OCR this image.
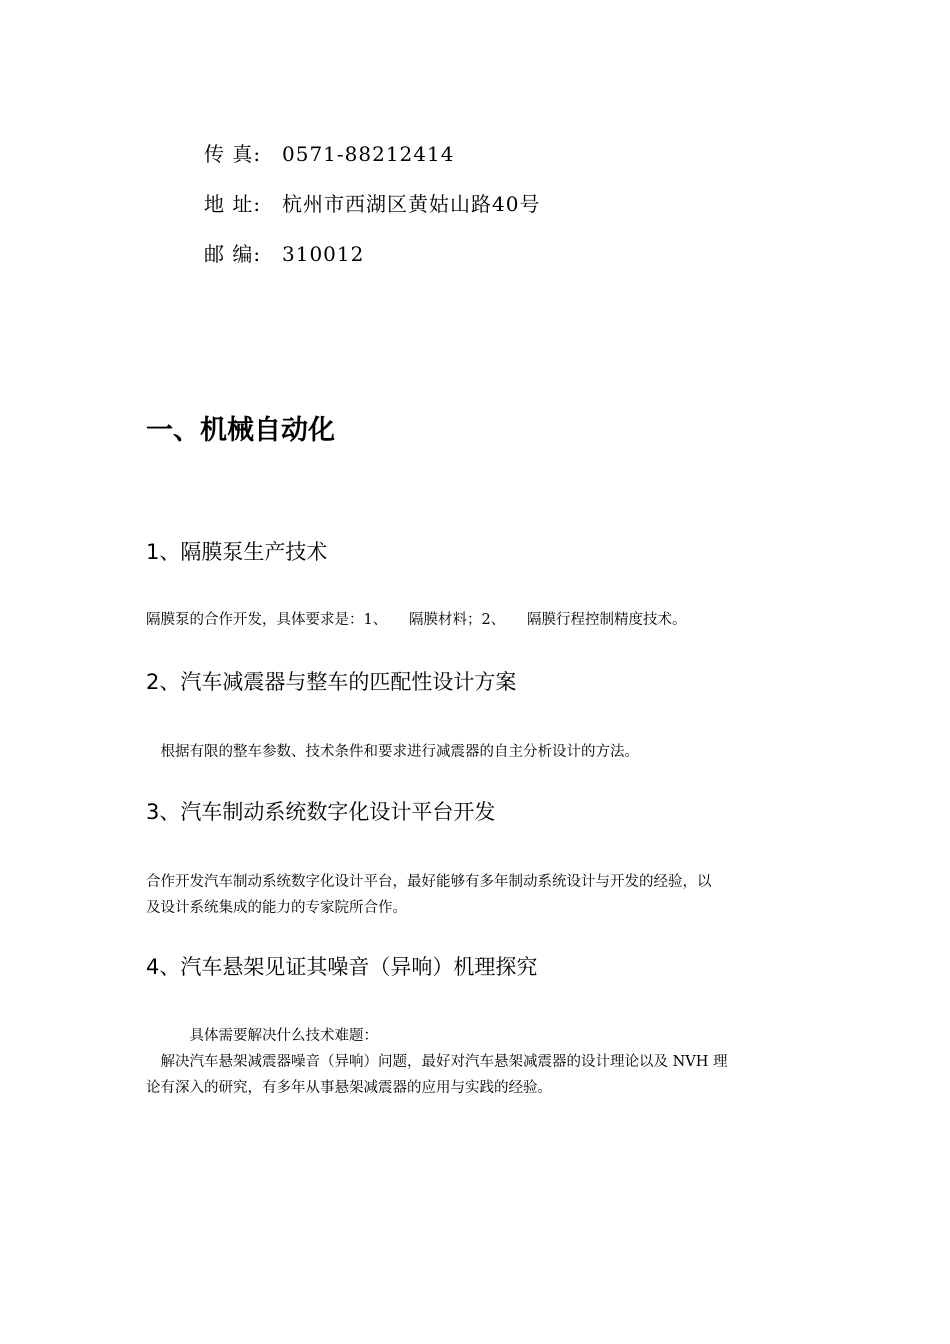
传 真: 0571-88212414
地 址: 杭州市西湖区黄姑山路40号
邮 编: 310012
一、机械自动化
1、隔膜泵生产技术
隔膜泵的合作开发，具体要求是：1、　　隔膜材料；2、　　隔膜行程控制精度技术。
2、汽车减震器与整车的匹配性设计方案
　根据有限的整车参数、技术条件和要求进行减震器的自主分析设计的方法。
3、汽车制动系统数字化设计平台开发
合作开发汽车制动系统数字化设计平台，最好能够有多年制动系统设计与开发的经验，以
及设计系统集成的能力的专家院所合作。
4、汽车悬架见证其噪音（异响）机理探究
　　　具体需要解决什么技术难题：
　解决汽车悬架减震器噪音（异响）问题，最好对汽车悬架减震器的设计理论以及 NVH 理
论有深入的研究，有多年从事悬架减震器的应用与实践的经验。
